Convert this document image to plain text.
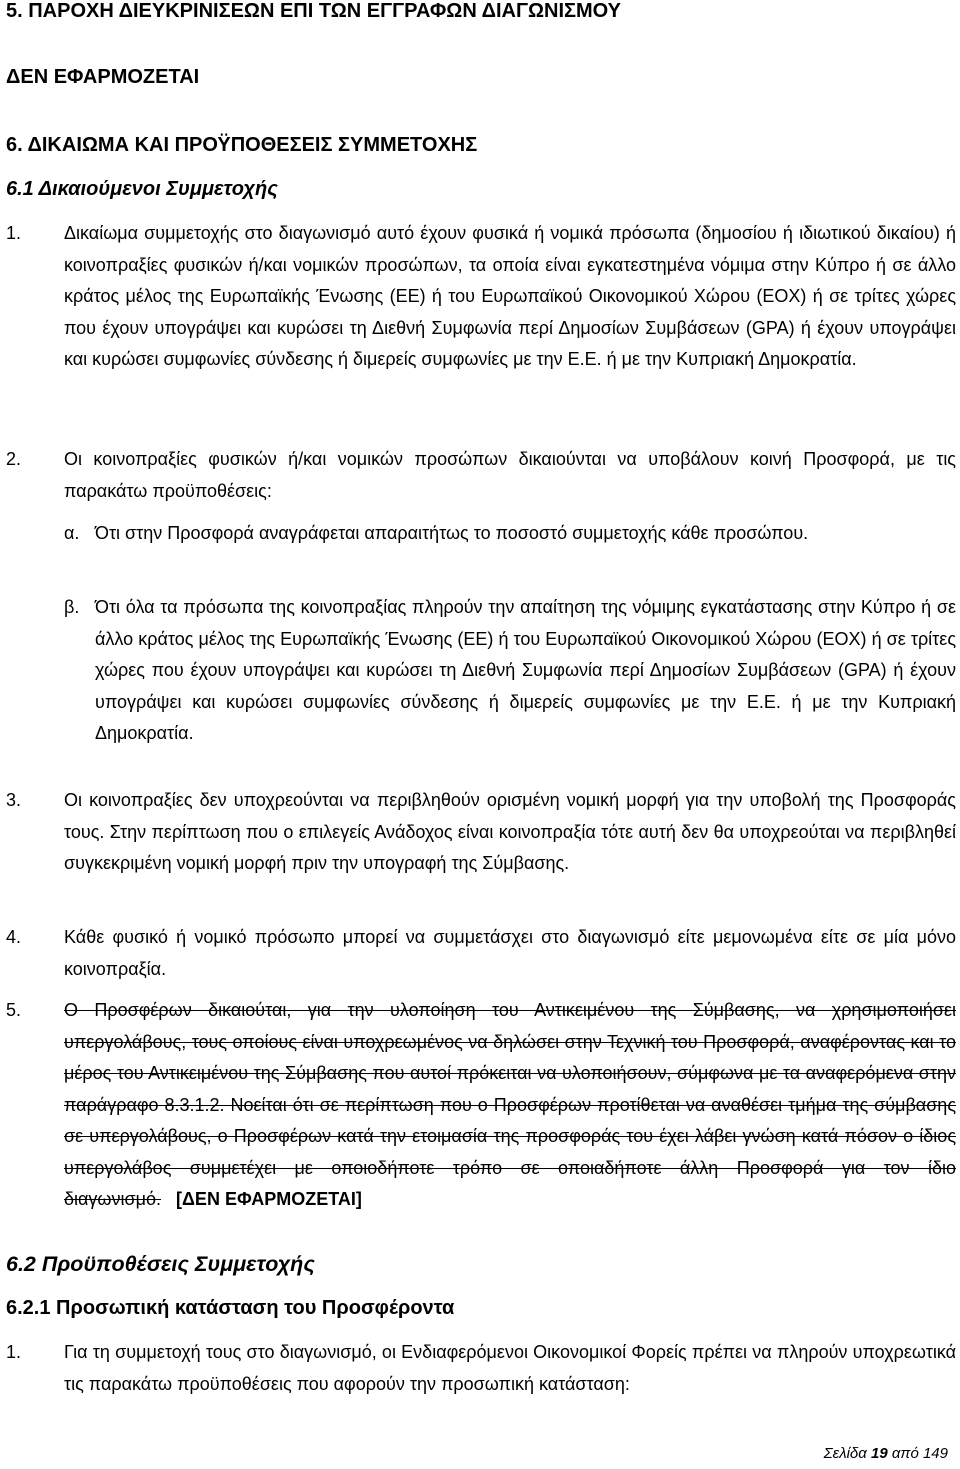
5. ΠΑΡΟΧΗ ΔΙΕΥΚΡΙΝΙΣΕΩΝ ΕΠΙ ΤΩΝ ΕΓΓΡΑΦΩΝ ΔΙΑΓΩΝΙΣΜΟΥ
ΔΕΝ ΕΦΑΡΜΟΖΕΤΑΙ
6. ΔΙΚΑΙΩΜΑ ΚΑΙ ΠΡΟΫΠΟΘΕΣΕΙΣ ΣΥΜΜΕΤΟΧΗΣ
6.1 Δικαιούμενοι Συμμετοχής
1. Δικαίωμα συμμετοχής στο διαγωνισμό αυτό έχουν φυσικά ή νομικά πρόσωπα (δημοσίου ή ιδιωτικού δικαίου) ή κοινοπραξίες φυσικών ή/και νομικών προσώπων, τα οποία είναι εγκατεστημένα νόμιμα στην Κύπρο ή σε άλλο κράτος μέλος της Ευρωπαϊκής Ένωσης (ΕΕ) ή του Ευρωπαϊκού Οικονομικού Χώρου (ΕΟΧ) ή σε τρίτες χώρες που έχουν υπογράψει και κυρώσει τη Διεθνή Συμφωνία περί Δημοσίων Συμβάσεων (GPA) ή έχουν υπογράψει και κυρώσει συμφωνίες σύνδεσης ή διμερείς συμφωνίες με την Ε.Ε. ή με την Κυπριακή Δημοκρατία.
2. Οι κοινοπραξίες φυσικών ή/και νομικών προσώπων δικαιούνται να υποβάλουν κοινή Προσφορά, με τις παρακάτω προϋποθέσεις:
α. Ότι στην Προσφορά αναγράφεται απαραιτήτως το ποσοστό συμμετοχής κάθε προσώπου.
β. Ότι όλα τα πρόσωπα της κοινοπραξίας πληρούν την απαίτηση της νόμιμης εγκατάστασης στην Κύπρο ή σε άλλο κράτος μέλος της Ευρωπαϊκής Ένωσης (ΕΕ) ή του Ευρωπαϊκού Οικονομικού Χώρου (ΕΟΧ) ή σε τρίτες χώρες που έχουν υπογράψει και κυρώσει τη Διεθνή Συμφωνία περί Δημοσίων Συμβάσεων (GPA) ή έχουν υπογράψει και κυρώσει συμφωνίες σύνδεσης ή διμερείς συμφωνίες με την Ε.Ε. ή με την Κυπριακή Δημοκρατία.
3. Οι κοινοπραξίες δεν υποχρεούνται να περιβληθούν ορισμένη νομική μορφή για την υποβολή της Προσφοράς τους. Στην περίπτωση που ο επιλεγείς Ανάδοχος είναι κοινοπραξία τότε αυτή δεν θα υποχρεούται να περιβληθεί συγκεκριμένη νομική μορφή πριν την υπογραφή της Σύμβασης.
4. Κάθε φυσικό ή νομικό πρόσωπο μπορεί να συμμετάσχει στο διαγωνισμό είτε μεμονωμένα είτε σε μία μόνο κοινοπραξία.
5. Ο Προσφέρων δικαιούται, για την υλοποίηση του Αντικειμένου της Σύμβασης, να χρησιμοποιήσει υπεργολάβους, τους οποίους είναι υποχρεωμένος να δηλώσει στην Τεχνική του Προσφορά, αναφέροντας και το μέρος του Αντικειμένου της Σύμβασης που αυτοί πρόκειται να υλοποιήσουν, σύμφωνα με τα αναφερόμενα στην παράγραφο 8.3.1.2. Νοείται ότι σε περίπτωση που ο Προσφέρων προτίθεται να αναθέσει τμήμα της σύμβασης σε υπεργολάβους, ο Προσφέρων κατά την ετοιμασία της προσφοράς του έχει λάβει γνώση κατά πόσον ο ίδιος υπεργολάβος συμμετέχει με οποιοδήποτε τρόπο σε οποιαδήποτε άλλη Προσφορά για τον ίδιο διαγωνισμό. [ΔΕΝ ΕΦΑΡΜΟΖΕΤΑΙ]
6.2 Προϋποθέσεις Συμμετοχής
6.2.1 Προσωπική κατάσταση του Προσφέροντα
1. Για τη συμμετοχή τους στο διαγωνισμό, οι Ενδιαφερόμενοι Οικονομικοί Φορείς πρέπει να πληρούν υποχρεωτικά τις παρακάτω προϋποθέσεις που αφορούν την προσωπική κατάσταση:
Σελίδα 19 από 149
